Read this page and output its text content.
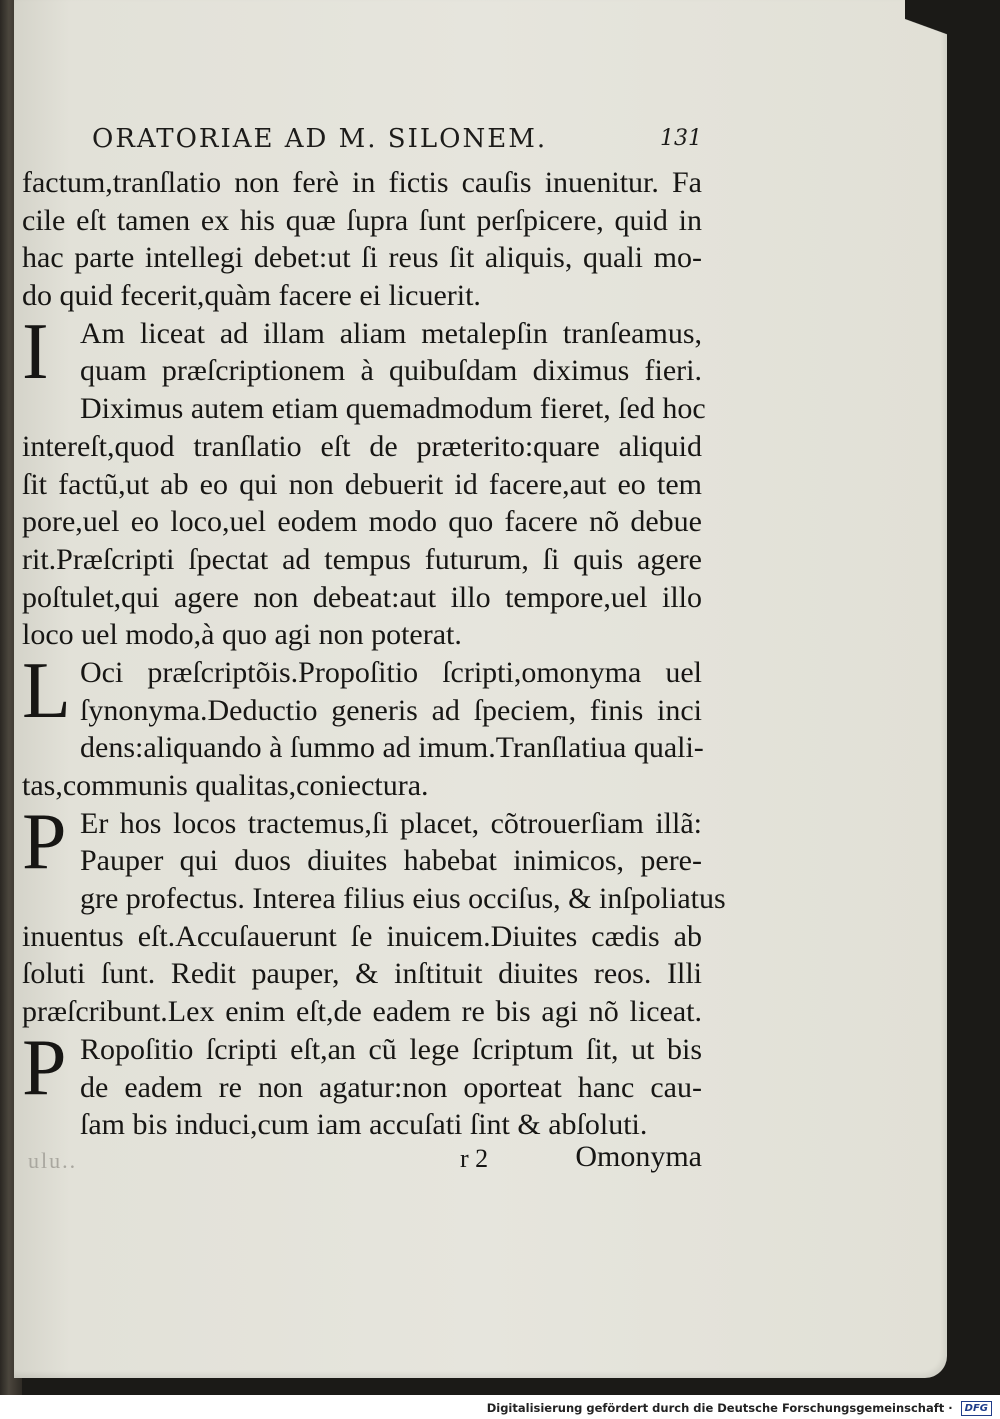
ORATORIAE AD M. SILONEM.	131
factum,tranſlatio non ferè in fictis cauſis inuenitur. Fa
cile eſt tamen ex his quæ ſupra ſunt perſpicere, quid in
hac parte intellegi debet:ut ſi reus ſit aliquis, quali mo-
do quid fecerit,quàm facere ei licuerit.
I	Am liceat ad illam aliam metalepſin tranſeamus,
quam præſcriptionem à quibuſdam diximus fieri.
Diximus autem etiam quemadmodum fieret, ſed hoc
intereſt,quod tranſlatio eſt de præterito:quare aliquid
ſit factũ,ut ab eo qui non debuerit id facere,aut eo tem
pore,uel eo loco,uel eodem modo quo facere nõ debue
rit.Præſcripti ſpectat ad tempus futurum, ſi quis agere
poſtulet,qui agere non debeat:aut illo tempore,uel illo
loco uel modo,à quo agi non poterat.
L Oci præſcriptõis.Propoſitio ſcripti,omonyma uel
ſynonyma.Deductio generis ad ſpeciem, finis inci
dens:aliquando à ſummo ad imum.Tranſlatiua quali-
tas,communis qualitas,coniectura.
P Er hos locos tractemus,ſi placet, cõtrouerſiam illã:
Pauper qui duos diuites habebat inimicos, pere-
gre profectus. Interea filius eius occiſus, & inſpoliatus
inuentus eſt.Accuſauerunt ſe inuicem.Diuites cædis ab
ſoluti ſunt. Redit pauper, & inſtituit diuites reos. Illi
præſcribunt.Lex enim eſt,de eadem re bis agi nõ liceat.
P Ropoſitio ſcripti eſt,an cũ lege ſcriptum ſit, ut bis
de eadem re non agatur:non oporteat hanc cau-
ſam bis induci,cum iam accuſati ſint & abſoluti.
ulu..	r 2	Omonyma
Digitalisierung gefördert durch die Deutsche Forschungsgemeinschaft · DFG
